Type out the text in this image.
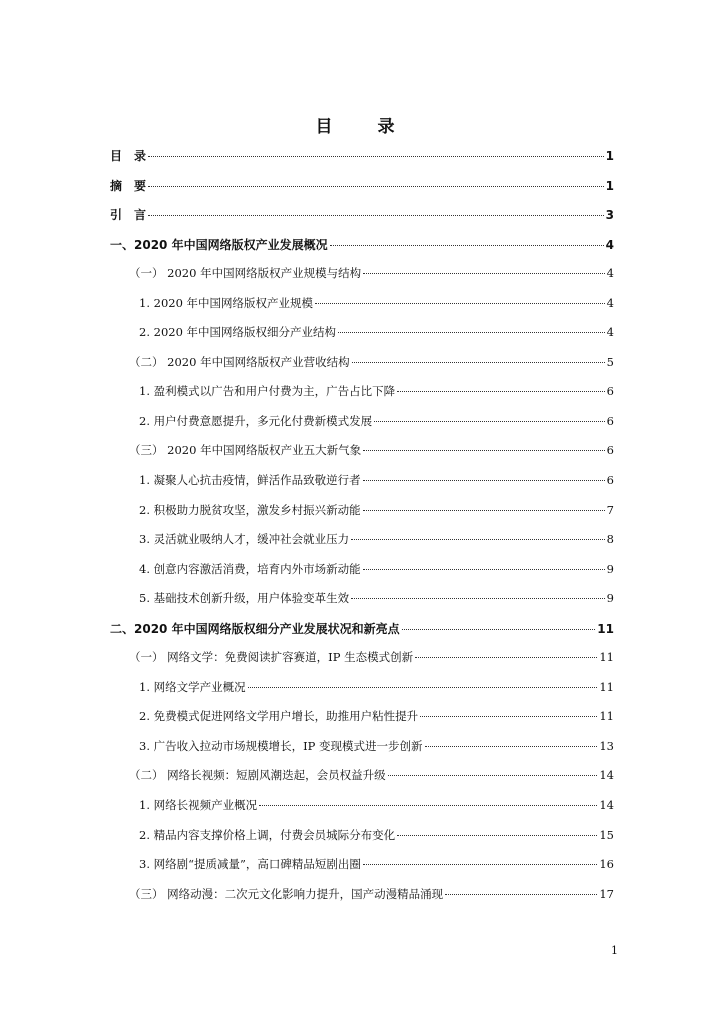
目　录
目　录	1
摘　要	1
引　言	3
一、2020 年中国网络版权产业发展概况	4
（一） 2020 年中国网络版权产业规模与结构	4
1. 2020 年中国网络版权产业规模	4
2. 2020 年中国网络版权细分产业结构	4
（二） 2020 年中国网络版权产业营收结构	5
1. 盈利模式以广告和用户付费为主，广告占比下降	6
2. 用户付费意愿提升，多元化付费新模式发展	6
（三） 2020 年中国网络版权产业五大新气象	6
1. 凝聚人心抗击疫情，鲜活作品致敬逆行者	6
2. 积极助力脱贫攻坚，激发乡村振兴新动能	7
3. 灵活就业吸纳人才，缓冲社会就业压力	8
4. 创意内容激活消费，培育内外市场新动能	9
5. 基础技术创新升级，用户体验变革生效	9
二、2020 年中国网络版权细分产业发展状况和新亮点	11
（一） 网络文学：免费阅读扩容赛道，IP 生态模式创新	11
1. 网络文学产业概况	11
2. 免费模式促进网络文学用户增长，助推用户粘性提升	11
3. 广告收入拉动市场规模增长，IP 变现模式进一步创新	13
（二） 网络长视频：短剧风潮迭起，会员权益升级	14
1. 网络长视频产业概况	14
2. 精品内容支撑价格上调，付费会员城际分布变化	15
3. 网络剧“提质减量”，高口碑精品短剧出圈	16
（三） 网络动漫：二次元文化影响力提升，国产动漫精品涌现	17
1
